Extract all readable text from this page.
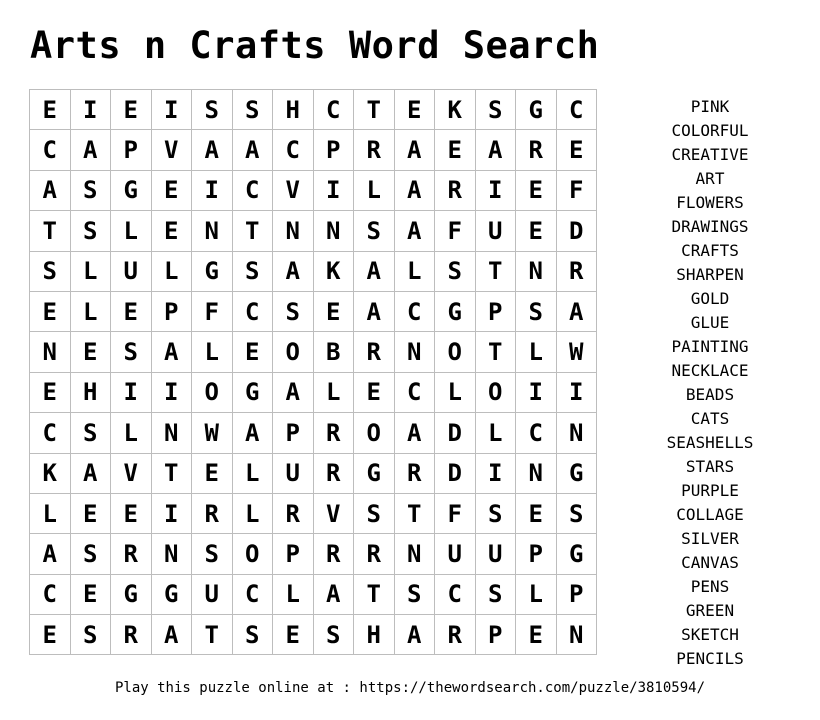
Arts n Crafts Word Search
E	I	E	I	S	S	H	C	T	E	K	S	G	C
C	A	P	V	A	A	C	P	R	A	E	A	R	E
A	S	G	E	I	C	V	I	L	A	R	I	E	F
T	S	L	E	N	T	N	N	S	A	F	U	E	D
S	L	U	L	G	S	A	K	A	L	S	T	N	R
E	L	E	P	F	C	S	E	A	C	G	P	S	A
N	E	S	A	L	E	O	B	R	N	O	T	L	W
E	H	I	I	O	G	A	L	E	C	L	O	I	I
C	S	L	N	W	A	P	R	O	A	D	L	C	N
K	A	V	T	E	L	U	R	G	R	D	I	N	G
L	E	E	I	R	L	R	V	S	T	F	S	E	S
A	S	R	N	S	O	P	R	R	N	U	U	P	G
C	E	G	G	U	C	L	A	T	S	C	S	L	P
E	S	R	A	T	S	E	S	H	A	R	P	E	N
PINK
COLORFUL
CREATIVE
ART
FLOWERS
DRAWINGS
CRAFTS
SHARPEN
GOLD
GLUE
PAINTING
NECKLACE
BEADS
CATS
SEASHELLS
STARS
PURPLE
COLLAGE
SILVER
CANVAS
PENS
GREEN
SKETCH
PENCILS
Play this puzzle online at : https://thewordsearch.com/puzzle/3810594/
